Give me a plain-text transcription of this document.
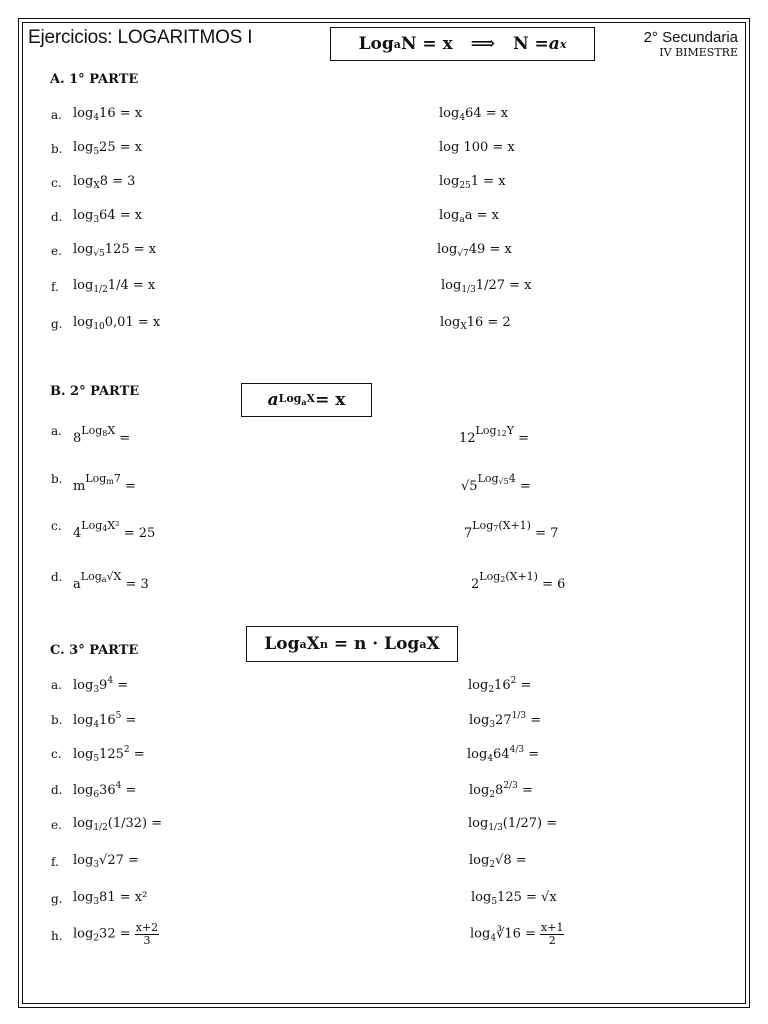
Ejercicios: LOGARITMOS I	Log a N = x ⟹ N = a x	2° Secundaria
IV BIMESTRE
A. 1° PARTE
a. $\log_416 = x$	$\log_464 = x$
b. $\log_525 = x$	log 100 = x
c. $\log_X8 = 3$	$\log_{25}1 = x$
d. $\log_364 = x$	$\log_aa = x$
e. $\log_{√5}125 = x$	$\log_{√7}49 = x$
f. $\log_{1/2}1/4 = x$	$\log_{1/3}1/27 = x$
g. $\log_{10}0,01 = x$	$\log_X16 = 2$
B. 2° PARTE	a Log$_a$X = x
a. $8^{Log_8X}$ =	$12^{Log_{12}Y}$ =
b. $m^{Log_m7}$ =	$√5^{Log_{√5}4}$ =
c. $4^{Log_4X^2} = 25$	$7^{Log_7(X+1)} = 7$
d. $a^{Log_a√X} = 3$	$2^{Log_2(X+1)} = 6$
C. 3° PARTE	Log a X n = n · Log a X
a. $\log_39^4$ =	$\log_216^2$ =
b. $\log_416^5$ =	$\log_327^{1/3}$ =
c. $\log_5125^2$ =	$\log_464^{4/3}$ =
d. $\log_636^4$ =	$\log_28^{2/3}$ =
e. $\log_{1/2}(1/32)$ =	$\log_{1/3}(1/27)$ =
f. $\log_3√27$ =	$\log_2√8$ =
g. $\log_381 = x^2$	$\log_5125 = √x$
h. $\log_232 = \frac{x+2}{3}$	$\log_4∛16 = \frac{x+1}{2}$
